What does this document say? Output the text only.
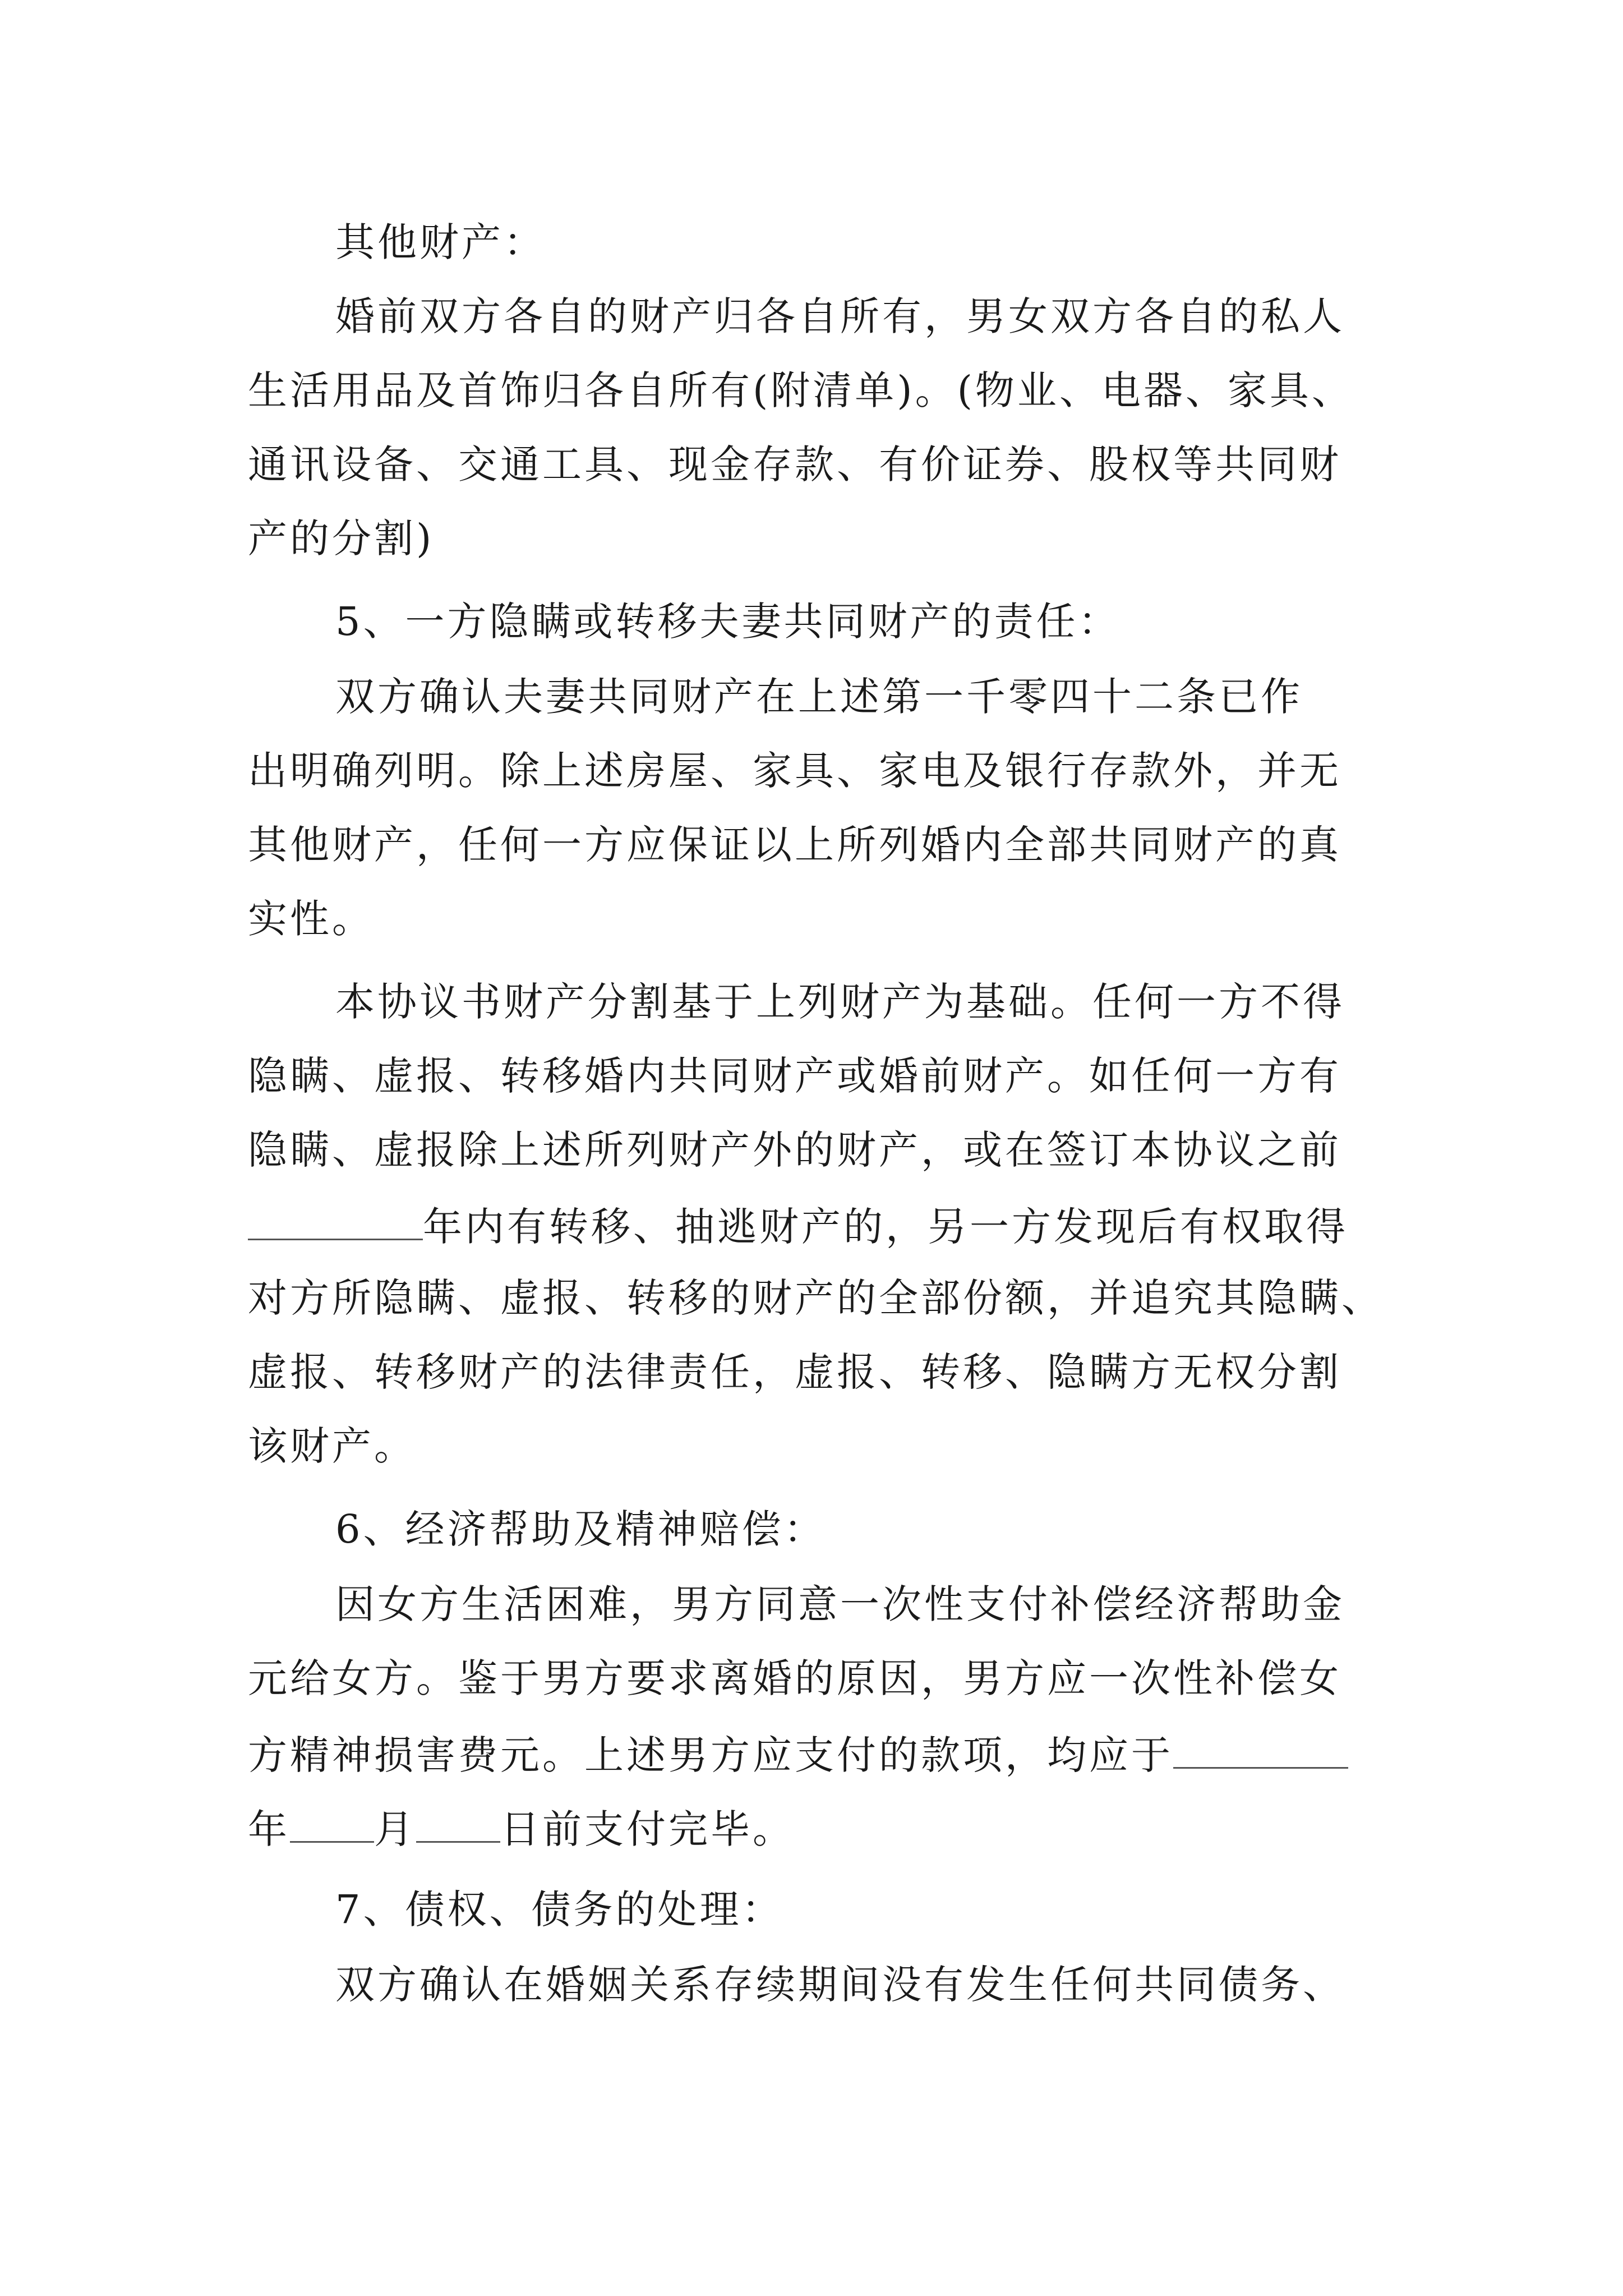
其他财产：
婚前双方各自的财产归各自所有，男女双方各自的私人
生活用品及首饰归各自所有(附清单)。(物业、电器、家具、
通讯设备、交通工具、现金存款、有价证券、股权等共同财
产的分割)
5、一方隐瞒或转移夫妻共同财产的责任：
双方确认夫妻共同财产在上述第一千零四十二条已作
出明确列明。除上述房屋、家具、家电及银行存款外，并无
其他财产，任何一方应保证以上所列婚内全部共同财产的真
实性。
本协议书财产分割基于上列财产为基础。任何一方不得
隐瞒、虚报、转移婚内共同财产或婚前财产。如任何一方有
隐瞒、虚报除上述所列财产外的财产，或在签订本协议之前
年内有转移、抽逃财产的，另一方发现后有权取得
对方所隐瞒、虚报、转移的财产的全部份额，并追究其隐瞒、
虚报、转移财产的法律责任，虚报、转移、隐瞒方无权分割
该财产。
6、经济帮助及精神赔偿：
因女方生活困难，男方同意一次性支付补偿经济帮助金
元给女方。鉴于男方要求离婚的原因，男方应一次性补偿女
方精神损害费元。上述男方应支付的款项，均应于
年 月 日前支付完毕。
7、债权、债务的处理：
双方确认在婚姻关系存续期间没有发生任何共同债务、
